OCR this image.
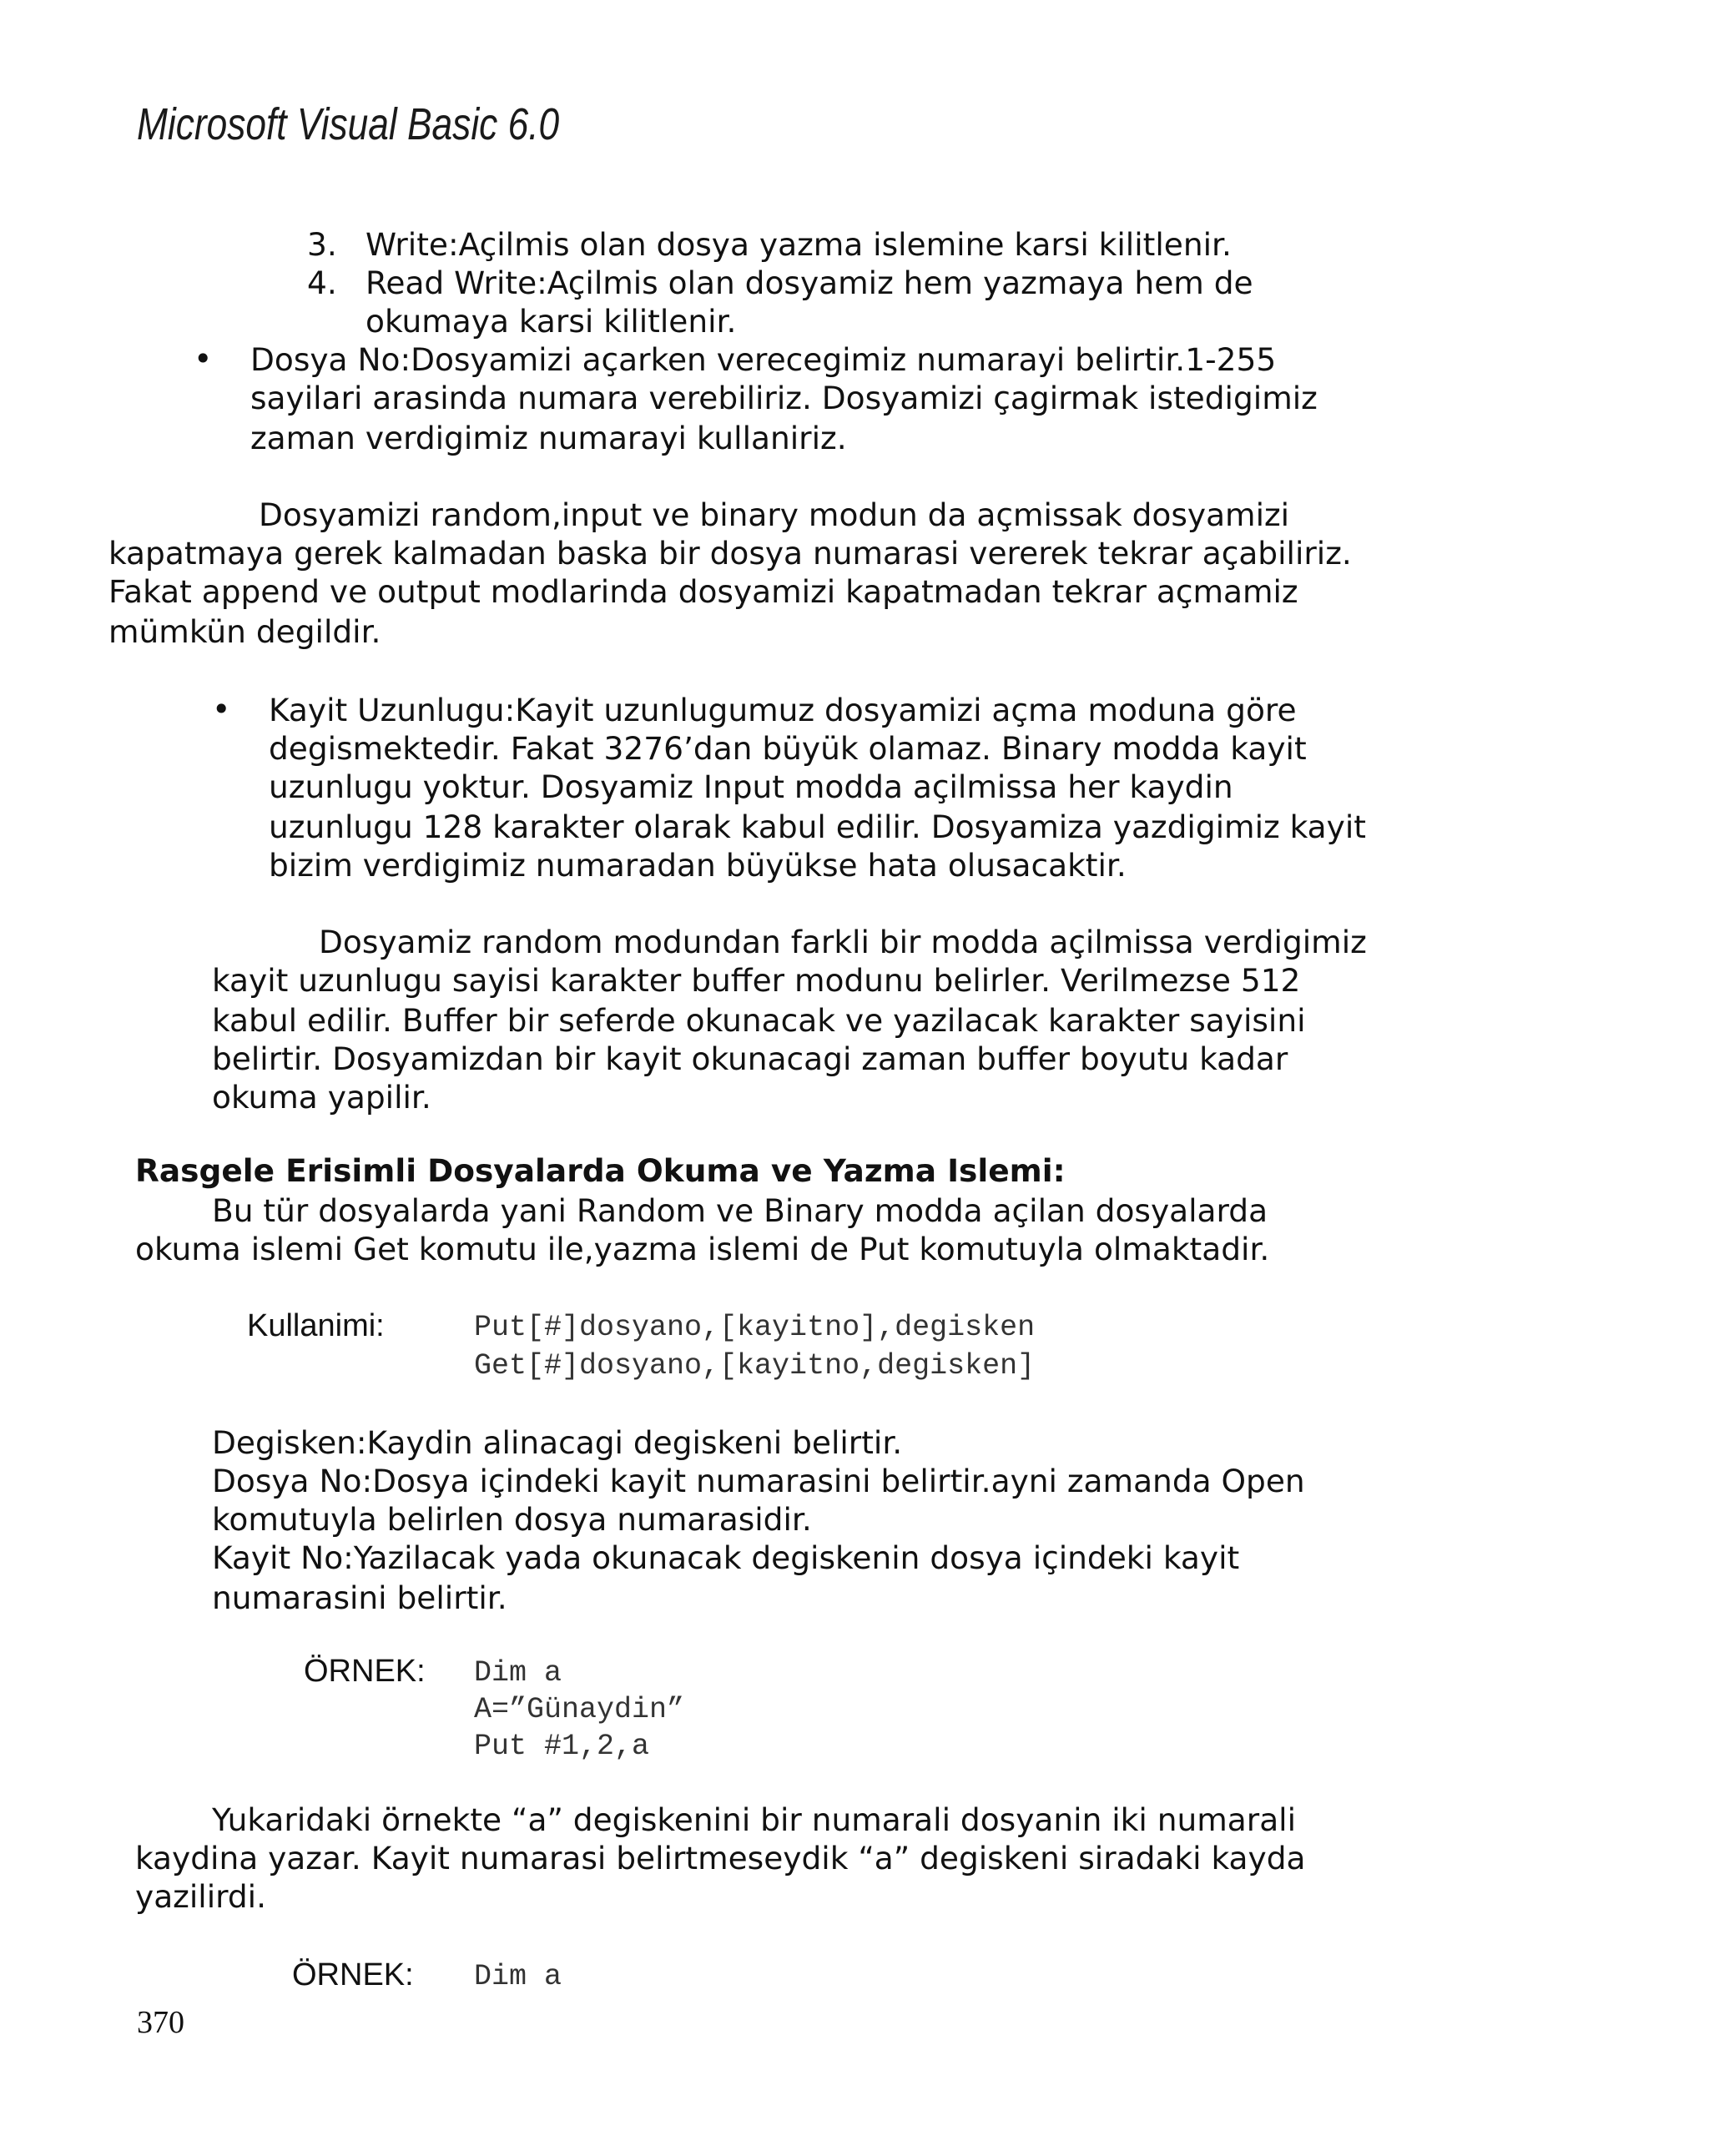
Microsoft Visual Basic 6.0

3. Write:Açilmis olan dosya yazma islemine karsi kilitlenir.

4. Read Write:Açilmis olan dosyamiz hem yazmaya hem de

okumaya karsi kilitlenir.

• Dosya No:Dosyamizi açarken verecegimiz numarayi belirtir.1-255

sayilari arasinda numara verebiliriz. Dosyamizi çagirmak istedigimiz

zaman verdigimiz numarayi kullaniriz.

Dosyamizi random,input ve binary modun da açmissak dosyamizi

kapatmaya gerek kalmadan baska bir dosya numarasi vererek tekrar açabiliriz.

Fakat append ve output modlarinda dosyamizi kapatmadan tekrar açmamiz

mümkün degildir.

• Kayit Uzunlugu:Kayit uzunlugumuz dosyamizi açma moduna göre

degismektedir. Fakat 3276’dan büyük olamaz. Binary modda kayit

uzunlugu yoktur. Dosyamiz Input modda açilmissa her kaydin

uzunlugu 128 karakter olarak kabul edilir. Dosyamiza yazdigimiz kayit

bizim verdigimiz numaradan büyükse hata olusacaktir.

Dosyamiz random modundan farkli bir modda açilmissa verdigimiz

kayit uzunlugu sayisi karakter buffer modunu belirler. Verilmezse 512

kabul edilir. Buffer bir seferde okunacak ve yazilacak karakter sayisini

belirtir. Dosyamizdan bir kayit okunacagi zaman buffer boyutu kadar

okuma yapilir.

Rasgele Erisimli Dosyalarda Okuma ve Yazma Islemi:

Bu tür dosyalarda yani Random ve Binary modda açilan dosyalarda

okuma islemi Get komutu ile,yazma islemi de Put komutuyla olmaktadir.

Kullanimi:	Put[#]dosyano,[kayitno],degisken

Get[#]dosyano,[kayitno,degisken]

Degisken:Kaydin alinacagi degiskeni belirtir.

Dosya No:Dosya içindeki kayit numarasini belirtir.ayni zamanda Open

komutuyla belirlen dosya numarasidir.

Kayit No:Yazilacak yada okunacak degiskenin dosya içindeki kayit

numarasini belirtir.

ÖRNEK: Dim a

A=”Günaydin”

Put #1,2,a

Yukaridaki örnekte “a” degiskenini bir numarali dosyanin iki numarali

kaydina yazar. Kayit numarasi belirtmeseydik “a” degiskeni siradaki kayda

yazilirdi.

ÖRNEK: Dim a

370
